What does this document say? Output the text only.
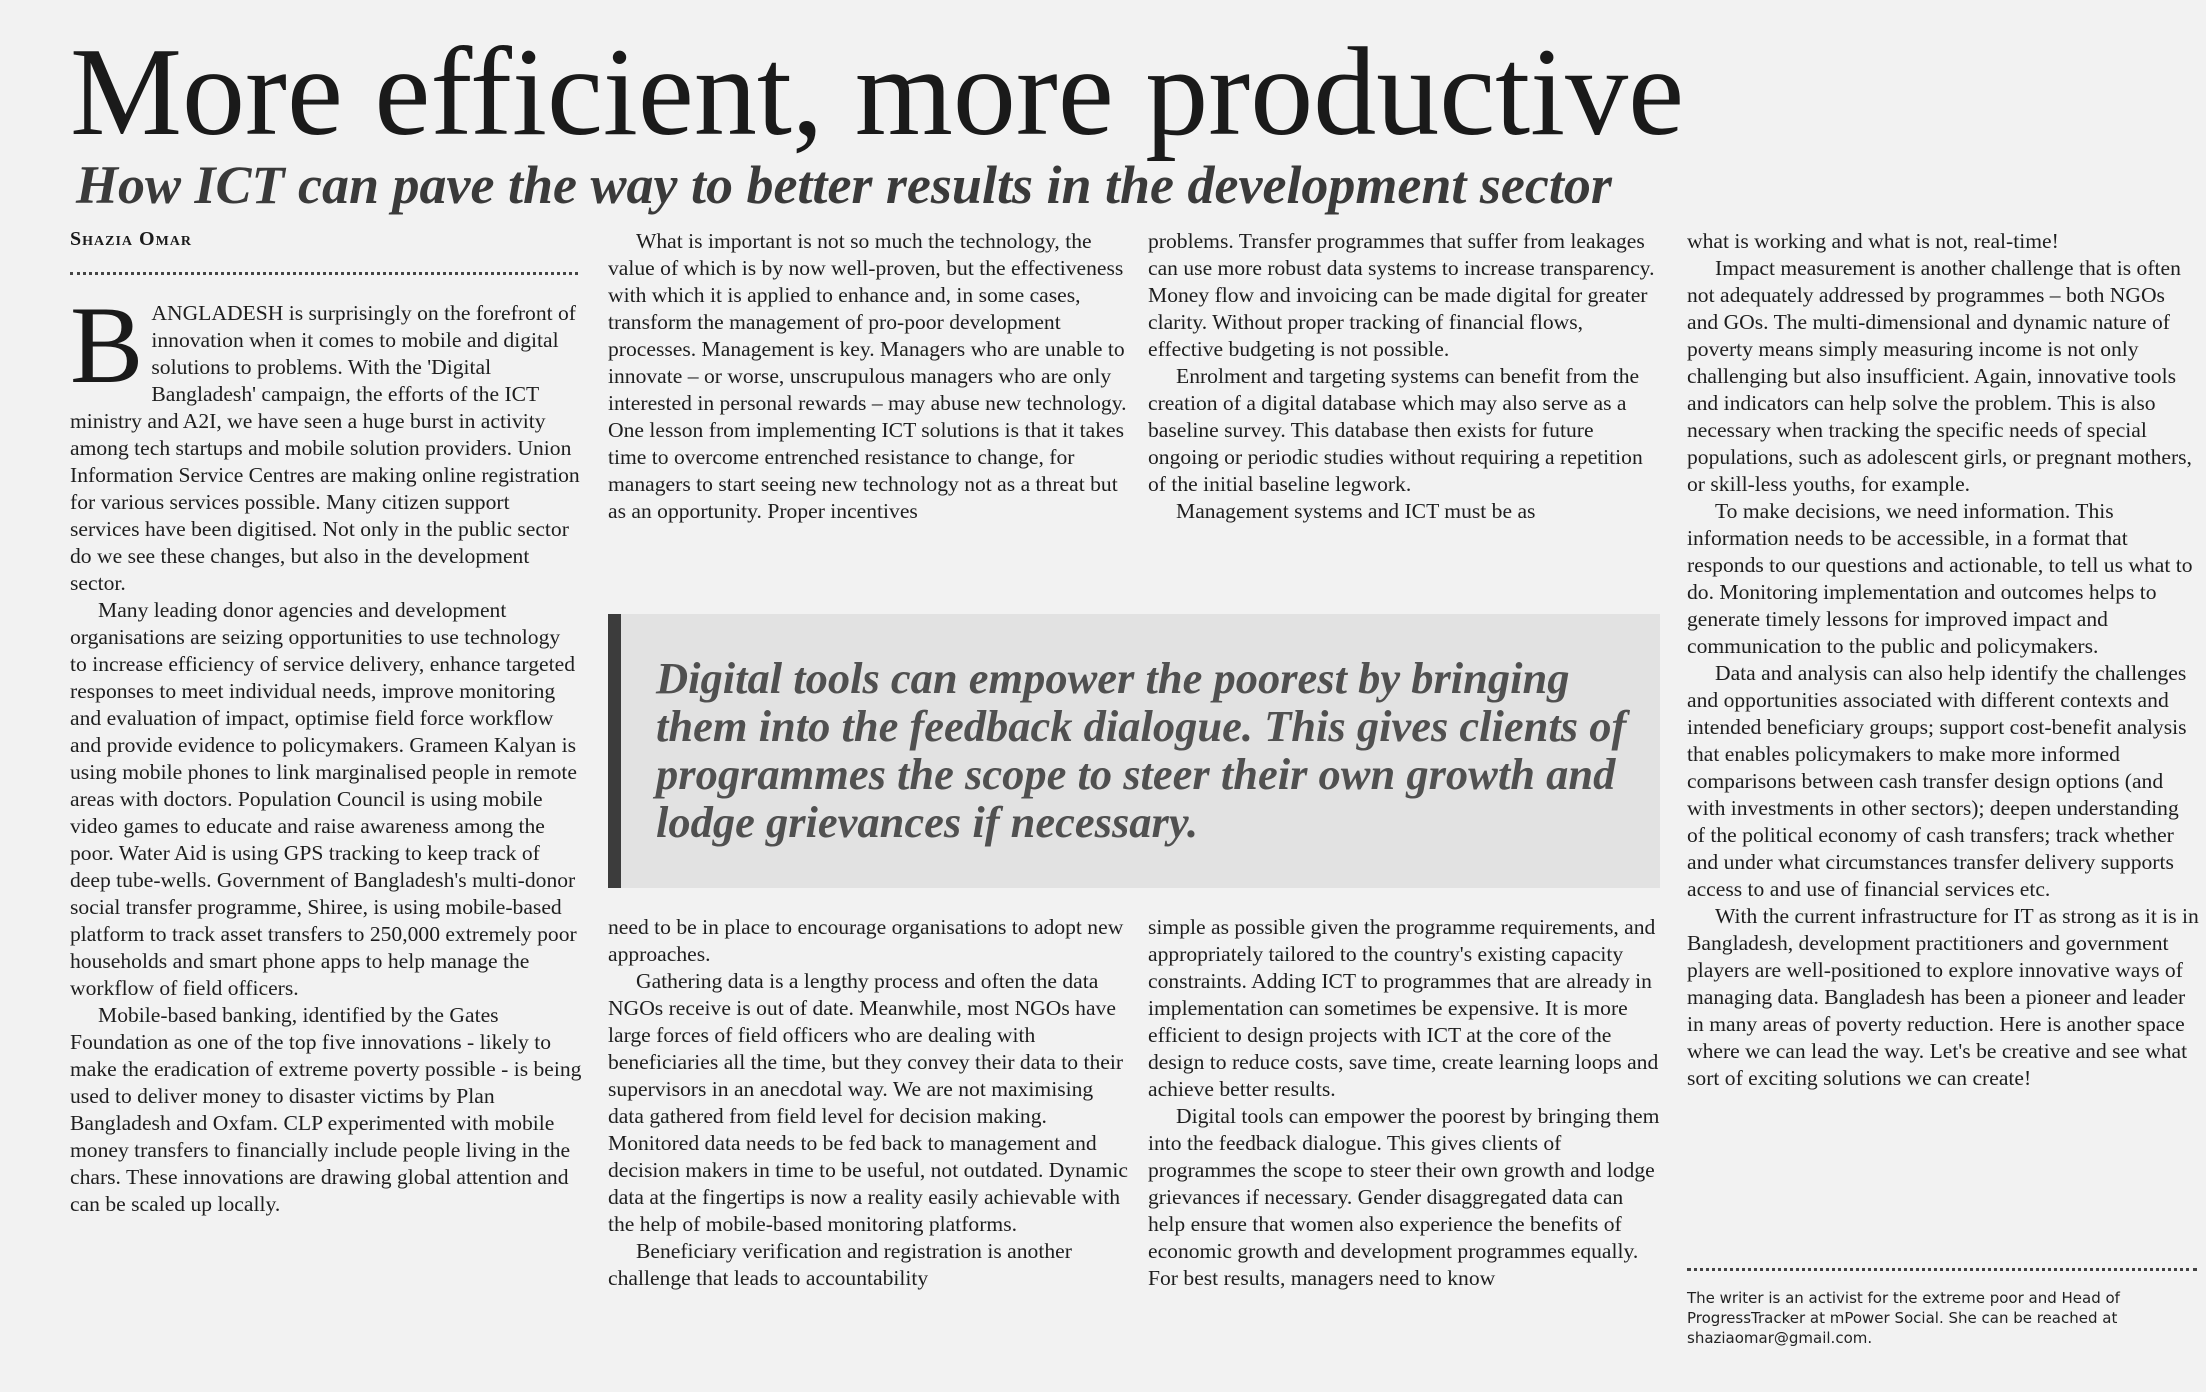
More efficient, more productive
How ICT can pave the way to better results in the development sector
Shazia Omar

BANGLADESH is surprisingly on the forefront of innovation when it comes to mobile and digital solutions to problems. With the 'Digital Bangladesh' campaign, the efforts of the ICT ministry and A2I, we have seen a huge burst in activity among tech startups and mobile solution providers. Union Information Service Centres are making online registration for various services possible. Many citizen support services have been digitised. Not only in the public sector do we see these changes, but also in the development sector.

Many leading donor agencies and development organisations are seizing opportunities to use technology to increase efficiency of service delivery, enhance targeted responses to meet individual needs, improve monitoring and evaluation of impact, optimise field force workflow and provide evidence to policymakers. Grameen Kalyan is using mobile phones to link marginalised people in remote areas with doctors. Population Council is using mobile video games to educate and raise awareness among the poor. Water Aid is using GPS tracking to keep track of deep tube-wells. Government of Bangladesh's multi-donor social transfer programme, Shiree, is using mobile-based platform to track asset transfers to 250,000 extremely poor households and smart phone apps to help manage the workflow of field officers.

Mobile-based banking, identified by the Gates Foundation as one of the top five innovations - likely to make the eradication of extreme poverty possible - is being used to deliver money to disaster victims by Plan Bangladesh and Oxfam. CLP experimented with mobile money transfers to financially include people living in the chars. These innovations are drawing global attention and can be scaled up locally.

What is important is not so much the technology, the value of which is by now well-proven, but the effectiveness with which it is applied to enhance and, in some cases, transform the management of pro-poor development processes. Management is key. Managers who are unable to innovate – or worse, unscrupulous managers who are only interested in personal rewards – may abuse new technology. One lesson from implementing ICT solutions is that it takes time to overcome entrenched resistance to change, for managers to start seeing new technology not as a threat but as an opportunity. Proper incentives

problems. Transfer programmes that suffer from leakages can use more robust data systems to increase transparency. Money flow and invoicing can be made digital for greater clarity. Without proper tracking of financial flows, effective budgeting is not possible.

Enrolment and targeting systems can benefit from the creation of a digital database which may also serve as a baseline survey. This database then exists for future ongoing or periodic studies without requiring a repetition of the initial baseline legwork.

Management systems and ICT must be as

Digital tools can empower the poorest by bringing them into the feedback dialogue. This gives clients of programmes the scope to steer their own growth and lodge grievances if necessary.

need to be in place to encourage organisations to adopt new approaches.

Gathering data is a lengthy process and often the data NGOs receive is out of date. Meanwhile, most NGOs have large forces of field officers who are dealing with beneficiaries all the time, but they convey their data to their supervisors in an anecdotal way. We are not maximising data gathered from field level for decision making. Monitored data needs to be fed back to management and decision makers in time to be useful, not outdated. Dynamic data at the fingertips is now a reality easily achievable with the help of mobile-based monitoring platforms.

Beneficiary verification and registration is another challenge that leads to accountability

simple as possible given the programme requirements, and appropriately tailored to the country's existing capacity constraints. Adding ICT to programmes that are already in implementation can sometimes be expensive. It is more efficient to design projects with ICT at the core of the design to reduce costs, save time, create learning loops and achieve better results.

Digital tools can empower the poorest by bringing them into the feedback dialogue. This gives clients of programmes the scope to steer their own growth and lodge grievances if necessary. Gender disaggregated data can help ensure that women also experience the benefits of economic growth and development programmes equally. For best results, managers need to know

what is working and what is not, real-time!

Impact measurement is another challenge that is often not adequately addressed by programmes – both NGOs and GOs. The multi-dimensional and dynamic nature of poverty means simply measuring income is not only challenging but also insufficient. Again, innovative tools and indicators can help solve the problem. This is also necessary when tracking the specific needs of special populations, such as adolescent girls, or pregnant mothers, or skill-less youths, for example.

To make decisions, we need information. This information needs to be accessible, in a format that responds to our questions and actionable, to tell us what to do. Monitoring implementation and outcomes helps to generate timely lessons for improved impact and communication to the public and policymakers.

Data and analysis can also help identify the challenges and opportunities associated with different contexts and intended beneficiary groups; support cost-benefit analysis that enables policymakers to make more informed comparisons between cash transfer design options (and with investments in other sectors); deepen understanding of the political economy of cash transfers; track whether and under what circumstances transfer delivery supports access to and use of financial services etc.

With the current infrastructure for IT as strong as it is in Bangladesh, development practitioners and government players are well-positioned to explore innovative ways of managing data. Bangladesh has been a pioneer and leader in many areas of poverty reduction. Here is another space where we can lead the way. Let's be creative and see what sort of exciting solutions we can create!

The writer is an activist for the extreme poor and Head of ProgressTracker at mPower Social. She can be reached at shaziaomar@gmail.com.
